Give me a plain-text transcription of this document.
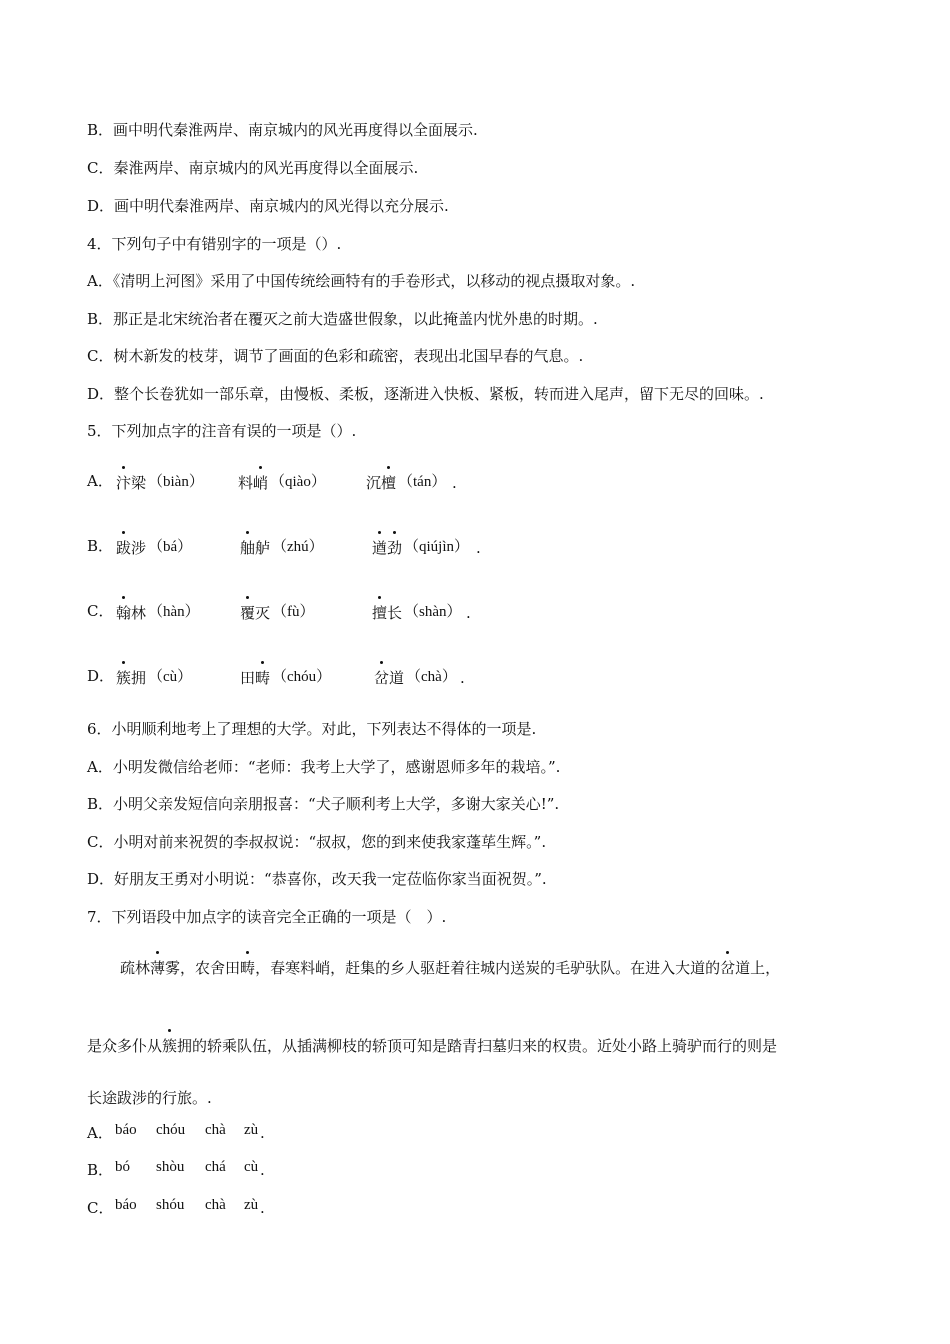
B．画中明代秦淮两岸、南京城内的风光再度得以全面展示.
C．秦淮两岸、南京城内的风光再度得以全面展示.
D．画中明代秦淮两岸、南京城内的风光得以充分展示.
4．下列句子中有错别字的一项是（）.
A．《清明上河图》采用了中国传统绘画特有的手卷形式，以移动的视点摄取对象。.
B．那正是北宋统治者在覆灭之前大造盛世假象，以此掩盖内忧外患的时期。.
C．树木新发的枝芽，调节了画面的色彩和疏密，表现出北国早春的气息。.
D．整个长卷犹如一部乐章，由慢板、柔板，逐渐进入快板、紧板，转而进入尾声，留下无尽的回味。.
5．下列加点字的注音有误的一项是（）.
A． 汴梁 （biàn） 料峭 （qiào）	沉檀 （tán） .
B． 跋涉 （bá）	舳舻 （zhú）	遒劲 （qiújìn） .
C． 翰林 （hàn）	覆灭 （fù）	擅长 （shàn） .
D． 簇拥 （cù）	田畴 （chóu）	岔道 （chà） .
6．小明顺利地考上了理想的大学。对此，下列表达不得体的一项是.
A．小明发微信给老师：“老师：我考上大学了，感谢恩师多年的栽培。”.
B．小明父亲发短信向亲朋报喜：“犬子顺利考上大学，多谢大家关心!”.
C．小明对前来祝贺的李叔叔说：“叔叔，您的到来使我家蓬荜生辉。”.
D．好朋友王勇对小明说：“恭喜你，改天我一定莅临你家当面祝贺。”.
7．下列语段中加点字的读音完全正确的一项是（　）.
疏林薄雾，农舍田畴，春寒料峭，赶集的乡人驱赶着往城内送炭的毛驴驮队。在进入大道的岔道上，
是众多仆从簇拥的轿乘队伍，从插满柳枝的轿顶可知是踏青扫墓归来的权贵。近处小路上骑驴而行的则是
长途跋涉的行旅。.
A． báo chóu chà zù .
B． bó shòu chá cù .
C． báo shóu chà zù .
